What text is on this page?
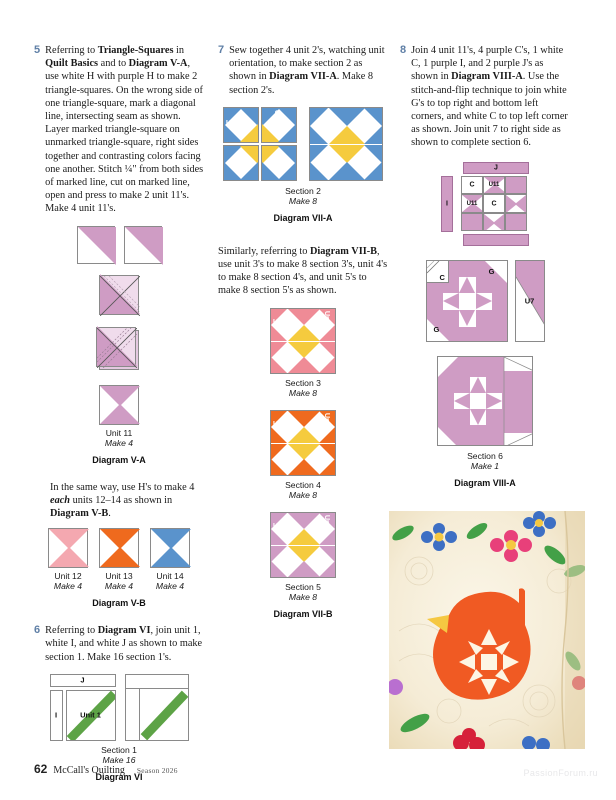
5 Referring to Triangle-Squares in Quilt Basics and to Diagram V-A, use white H with purple H to make 2 triangle-squares. On the wrong side of one triangle-square, mark a diagonal line, intersecting seam as shown. Layer marked triangle-square on unmarked triangle-square, right sides together and contrasting colors facing one another. Stitch ¼" from both sides of marked line, cut on marked line, open and press to make 2 unit 11's. Make 4 unit 11's.
Unit 11
Make 4
Diagram V-A
In the same way, use H's to make 4 each units 12–14 as shown in Diagram V-B.
Unit 12
Make 4
Unit 13
Make 4
Unit 14
Make 4
Diagram V-B
6 Referring to Diagram VI, join unit 1, white I, and white J as shown to make section 1. Make 16 section 1's.
J
I	Unit 1
Section 1
Make 16
Diagram VI
7 Sew together 4 unit 2's, watching unit orientation, to make section 2 as shown in Diagram VII-A. Make 8 section 2's.
Unit 2	Unit 2
Section 2
Make 8
Diagram VII-A
Similarly, referring to Diagram VII-B, use unit 3's to make 8 section 3's, unit 4's to make 8 section 4's, and unit 5's to make 8 section 5's as shown.
Unit 3	Unit 3
Section 3
Make 8
Unit 4	Unit 4
Section 4
Make 8
Unit 5	Unit 5
Section 5
Make 8
Diagram VII-B
8 Join 4 unit 11's, 4 purple C's, 1 white C, 1 purple I, and 2 purple J's as shown in Diagram VIII-A. Use the stitch-and-flip technique to join white G's to top right and bottom left corners, and white C to top left corner as shown. Join unit 7 to right side as shown to complete section 6.
J
I
C U11
U11 C
C
G
G
U7
Section 6
Make 1
Diagram VIII-A
62 McCall's Quilting Season 2026	PassionForum.ru
